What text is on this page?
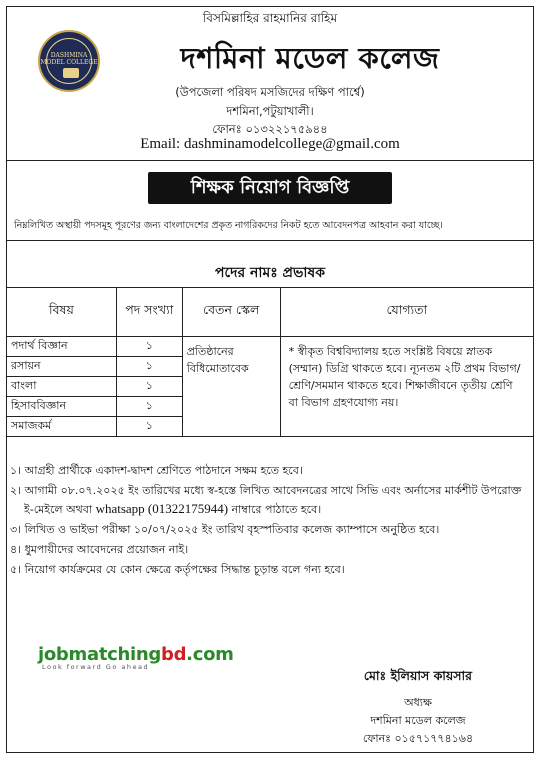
বিসমিল্লাহির রাহমানির রাহিম
DASHMINA MODEL COLLEGE	দশমিনা মডেল কলেজ
(উপজেলা পরিষদ মসজিদের দক্ষিণ পার্শ্বে)
দশমিনা,পটুয়াখালী।
ফোনঃ ০১৩২২১৭৫৯৪৪
Email: dashminamodelcollege@gmail.com
শিক্ষক নিয়োগ বিজ্ঞপ্তি
নিম্নলিখিত অস্থায়ী পদসমূহ পূরণের জন্য বাংলাদেশের প্রকৃত নাগরিকদের নিকট হতে আবেদনপত্র আহবান করা যাচ্ছে।
পদের নামঃ প্রভাষক
বিষয়	পদ সংখ্যা	বেতন স্কেল	যোগ্যতা
পদার্থ বিজ্ঞান	১	প্রতিষ্ঠানের বিধিমোতাবেক	* স্বীকৃত বিশ্ববিদ্যালয় হতে সংশ্লিষ্ট বিষয়ে স্নাতক (সম্মান) ডিগ্রি থাকতে হবে। ন্যূনতম ২টি প্রথম বিভাগ/শ্রেণি/সমমান থাকতে হবে। শিক্ষাজীবনে তৃতীয় শ্রেণি বা বিভাগ গ্রহণযোগ্য নয়।
রসায়ন	১		
বাংলা	১		
হিসাববিজ্ঞান	১		
সমাজকর্ম	১		
১। আগ্রহী প্রার্থীকে একাদশ-দ্বাদশ শ্রেণিতে পাঠদানে সক্ষম হতে হবে।
২। আগামী ০৮.০৭.২০২৫ ইং তারিখের মধ্যে স্ব-হস্তে লিখিত আবেদনত্রের সাথে সিভি এবং অর্নাসের মার্কশীট উপরোক্ত ই-মেইলে অথবা whatsapp (01322175944) নাম্বারে পাঠাতে হবে।
৩। লিখিত ও ভাইভা পরীক্ষা ১০/০৭/২০২৫ ইং তারিখ বৃহস্পতিবার কলেজ ক্যাম্পাসে অনুষ্ঠিত হবে।
৪। ধুমপায়ীদের আবেদনের প্রয়োজন নাই।
৫। নিয়োগ কার্যক্রমের যে কোন ক্ষেত্রে কর্তৃপক্ষের সিদ্ধান্ত চূড়ান্ত বলে গন্য হবে।
jobmatchingbd.com
Look forward Go ahead
মোঃ ইলিয়াস কায়সার
অধ্যক্ষ
দশমিনা মডেল কলেজ
ফোনঃ ০১৫৭১৭৭৪১৬৪
